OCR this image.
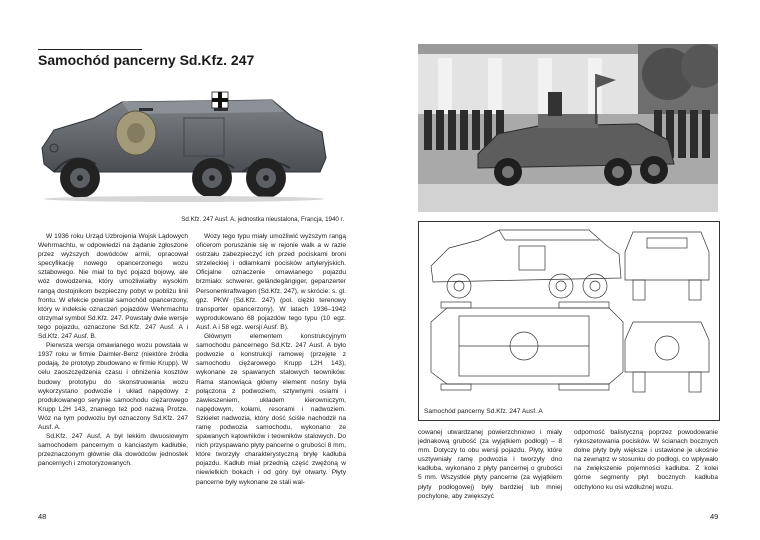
Samochód pancerny Sd.Kfz. 247
Sd.Kfz. 247 Ausf. A, jednostka nieustalona, Francja, 1940 r.

W 1936 roku Urząd Uzbrojenia Wojsk Lądowych Wehrmachtu, w odpowiedzi na żądanie zgłoszone przez wyższych dowódców armii, opracował specyfikację nowego opancerzonego wozu sztabowego. Nie miał to być pojazd bojowy, ale wóz dowodzenia, który umożliwiałby wysokim rangą dostojnikom bezpieczny pobyt w pobliżu linii frontu. W efekcie powstał samochód opancerzony, który w indeksie oznaczeń pojazdów Wehrmachtu otrzymał symbol Sd.Kfz. 247. Powstały dwie wersje tego pojazdu, oznaczone Sd.Kfz. 247 Ausf. A i Sd.Kfz. 247 Ausf. B.

Pierwsza wersja omawianego wozu powstała w 1937 roku w firmie Daimler-Benz (niektóre źródła podają, że prototyp zbudowano w firmie Krupp). W celu zaoszczędzenia czasu i obniżenia kosztów budowy prototypu do skonstruowania wozu wykorzystano podwozie i układ napędowy z produkowanego seryjnie samochodu ciężarowego Krupp L2H 143, znanego też pod nazwą Protze. Wóz na tym podwoziu był oznaczony Sd.Kfz. 247 Ausf. A.

Sd.Kfz. 247 Ausf. A był lekkim dwuosiowym samochodem pancernym o kanciastym kadłubie, przeznaczonym głównie dla dowódców jednostek pancernych i zmotoryzowanych.

Wozy tego typu miały umożliwić wyższym rangą oficerom poruszanie się w rejonie walk a w razie ostrzału zabezpieczyć ich przed pociskami broni strzeleckiej i odłamkami pocisków artyleryjskich. Oficjalne oznaczenie omawianego pojazdu brzmiało: schwerer, geländegängiger, gepanzerter Personenkraftwagen (Sd.Kfz. 247), w skrócie: s. gl. gpz. PKW (Sd.Kfz. 247) (pol. ciężki terenowy transporter opancerzony). W latach 1936–1942 wyprodukowano 68 pojazdów tego typu (10 egz. Ausf. A i 58 egz. wersji Ausf. B).

Głównym elementem konstrukcyjnym samochodu pancernego Sd.Kfz. 247 Ausf. A było podwozie o konstrukcji ramowej (przejęte z samochodu ciężarowego Krupp L2H 143), wykonane ze spawanych stalowych teowników. Rama stanowiąca główny element nośny była połączona z podwoziem, sztywnymi osiami i zawieszeniem, układem kierowniczym, napędowym, kołami, resorami i nadwoziem. Szkielet nadwozia, który dość ściśle nachodził na ramę podwozia samochodu, wykonano ze spawanych kątowników i teowników stalowych. Do nich przyspawano płyty pancerne o grubości 8 mm, które tworzyły charakterystyczną bryłę kadłuba pojazdu. Kadłub miał przednią część zwężoną w niewielkich bokach i od góry był otwarty. Płyty pancerne były wykonane ze stali wal-

48
Samochód pancerny Sd.Kfz. 247 Ausf. A

cowanej utwardzanej powierzchniowo i miały jednakową grubość (za wyjątkiem podłogi) – 8 mm. Dotyczy to obu wersji pojazdu. Płyty, które usztywniały ramę podwozia i tworzyły dno kadłuba, wykonano z płyty pancernej o grubości 5 mm. Wszystkie płyty pancerne (za wyjątkiem płyty podłogowej) były bardziej lub mniej pochylone, aby zwiększyć

odporność balistyczną poprzez powodowanie rykoszetowania pocisków. W ścianach bocznych dolne płyty były większe i ustawione je ukośnie na zewnątrz w stosunku do podłogi, co wpływało na zwiększenie pojemności kadłuba. Z kolei górne segmenty płyt bocznych kadłuba odchylono ku osi wzdłużnej wozu.

49
